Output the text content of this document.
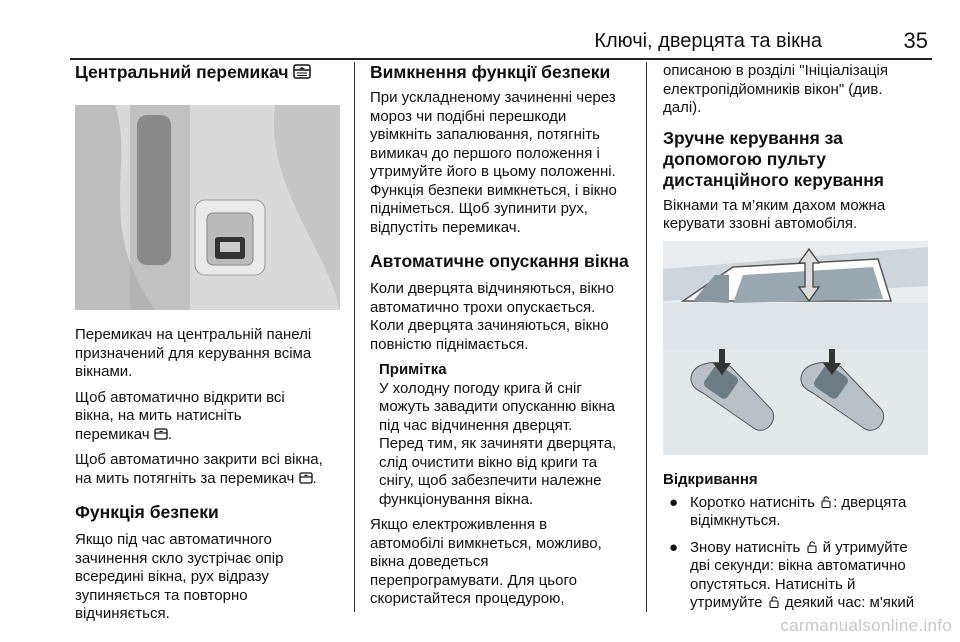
Ключі, дверцята та вікна	35
Центральний перемикач
Перемикач на центральній панелі
призначений для керування всіма
вікнами.
Щоб автоматично відкрити всі
вікна, на мить натисніть
перемикач .
Щоб автоматично закрити всі вікна,
на мить потягніть за перемикач .
Функція безпеки
Якщо під час автоматичного
зачинення скло зустрічає опір
всередині вікна, рух відразу
зупиняється та повторно
відчиняється.
Вимкнення функції безпеки
При ускладненому зачиненні через
мороз чи подібні перешкоди
увімкніть запалювання, потягніть
вимикач до першого положення і
утримуйте його в цьому положенні.
Функція безпеки вимкнеться, і вікно
підніметься. Щоб зупинити рух,
відпустіть перемикач.
Автоматичне опускання вікна
Коли дверцята відчиняються, вікно
автоматично трохи опускається.
Коли дверцята зачиняються, вікно
повністю піднімається.
Примітка
У холодну погоду крига й сніг
можуть завадити опусканню вікна
під час відчинення дверцят.
Перед тим, як зачиняти дверцята,
слід очистити вікно від криги та
снігу, щоб забезпечити належне
функціонування вікна.
Якщо електроживлення в
автомобілі вимкнеться, можливо,
вікна доведеться
перепрограмувати. Для цього
скористайтеся процедурою,
описаною в розділі "Ініціалізація
електропідйомників вікон" (див.
далі).
Зручне керування за
допомогою пульту
дистанційного керування
Вікнами та м’яким дахом можна
керувати ззовні автомобіля.
Відкривання
● Коротко натисніть : дверцята
відімкнуться.
● Знову натисніть  й утримуйте
дві секунди: вікна автоматично
опустяться. Натисніть й
утримуйте  деякий час: м'який
carmanualsonline.info
